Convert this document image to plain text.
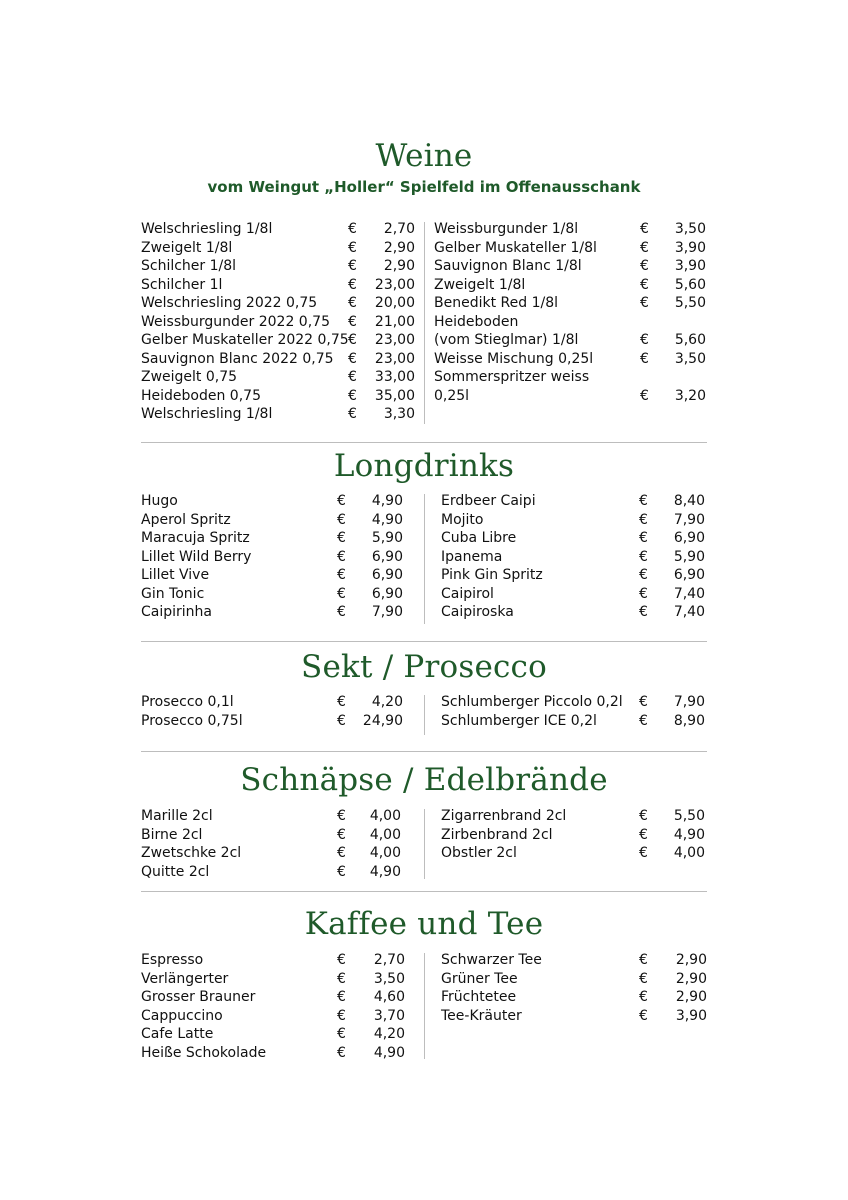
Weine
vom Weingut „Holler“ Spielfeld im Offenausschank
Welschriesling 1/8l	€	2,70
Zweigelt 1/8l	€	2,90
Schilcher 1/8l	€	2,90
Schilcher 1l	€	23,00
Welschriesling 2022 0,75 €	20,00
Weissburgunder 2022 0,75 €	21,00
Gelber Muskateller 2022 0,75 €	23,00
Sauvignon Blanc 2022 0,75 €	23,00
Zweigelt 0,75	€	33,00
Heideboden 0,75	€	35,00
Welschriesling 1/8l	€	3,30
Weissburgunder 1/8l	€	3,50
Gelber Muskateller 1/8l	€	3,90
Sauvignon Blanc 1/8l	€	3,90
Zweigelt 1/8l	€	5,60
Benedikt Red 1/8l	€	5,50
Heideboden
(vom Stieglmar) 1/8l	€	5,60
Weisse Mischung 0,25l	€	3,50
Sommerspritzer weiss
0,25l	€	3,20
Longdrinks
Hugo	€	4,90
Aperol Spritz	€	4,90
Maracuja Spritz	€	5,90
Lillet Wild Berry	€	6,90
Lillet Vive	€	6,90
Gin Tonic	€	6,90
Caipirinha	€	7,90
Erdbeer Caipi	€	8,40
Mojito	€	7,90
Cuba Libre	€	6,90
Ipanema	€	5,90
Pink Gin Spritz	€	6,90
Caipirol	€	7,40
Caipiroska	€	7,40
Sekt / Prosecco
Prosecco 0,1l	€	4,20
Prosecco 0,75l	€	24,90
Schlumberger Piccolo 0,2l €	7,90
Schlumberger ICE 0,2l	€	8,90
Schnäpse / Edelbrände
Marille 2cl	€	4,00
Birne 2cl	€	4,00
Zwetschke 2cl	€	4,00
Quitte 2cl	€	4,90
Zigarrenbrand 2cl	€	5,50
Zirbenbrand 2cl	€	4,90
Obstler 2cl	€	4,00
Kaffee und Tee
Espresso	€	2,70
Verlängerter	€	3,50
Grosser Brauner	€	4,60
Cappuccino	€	3,70
Cafe Latte	€	4,20
Heiße Schokolade	€	4,90
Schwarzer Tee	€	2,90
Grüner Tee	€	2,90
Früchtetee	€	2,90
Tee-Kräuter	€	3,90
